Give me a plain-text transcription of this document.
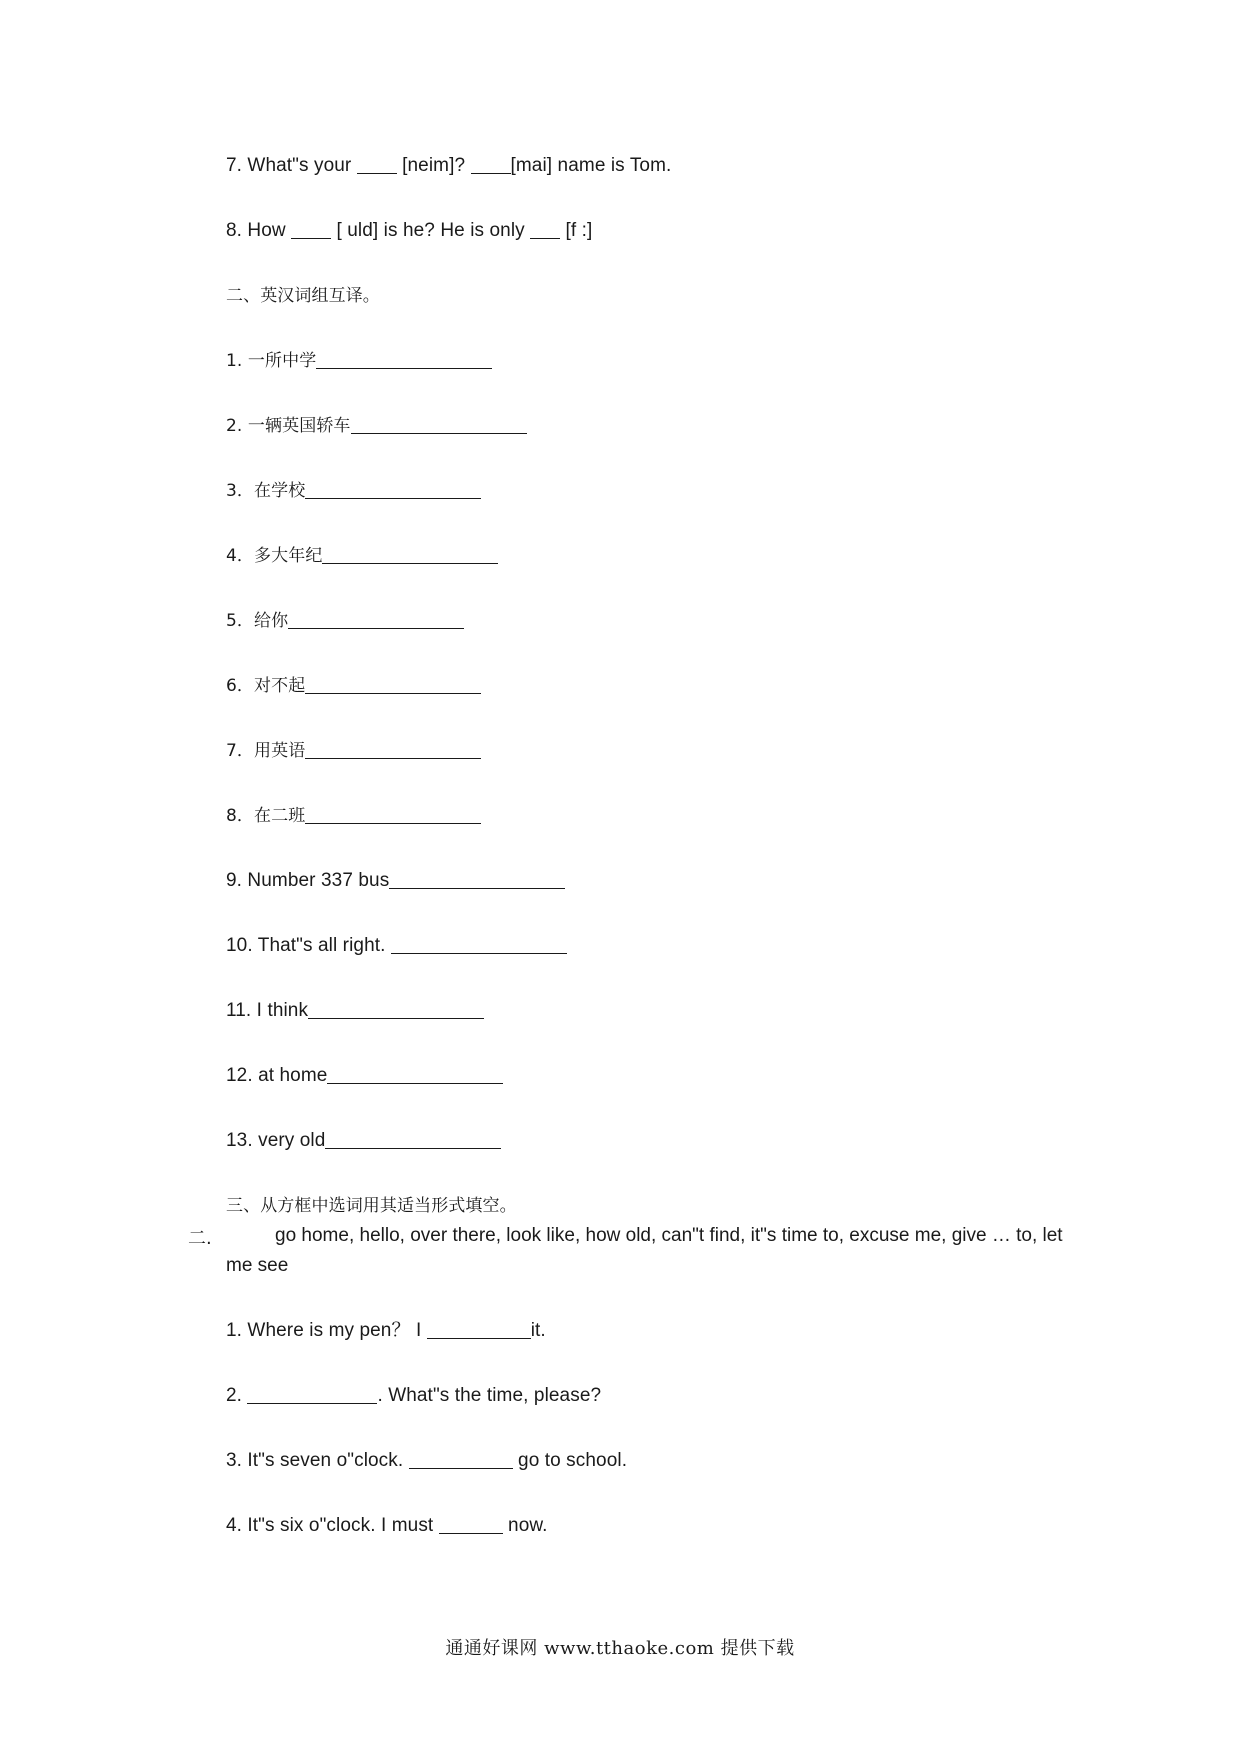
7. What"s your  [neim]? [mai] name is Tom.
8. How  [ uld] is he? He is only  [f :]
二、英汉词组互译。
1. 一所中学
2. 一辆英国轿车
3．在学校
4．多大年纪
5．给你
6．对不起
7．用英语
8．在二班
9. Number 337 bus
10. That"s all right.
11. I think
12. at home
13. very old
三、从方框中选词用其适当形式填空。
二.	go home, hello, over there, look like, how old, can"t find, it"s time to, excuse me, give … to, let
me see
1. Where is my pen？ I	it.
2.	. What"s the time, please?
3. It"s seven o"clock.	go to school.
4. It"s six o"clock. I must	now.
通通好课网 www.tthaoke.com 提供下载
